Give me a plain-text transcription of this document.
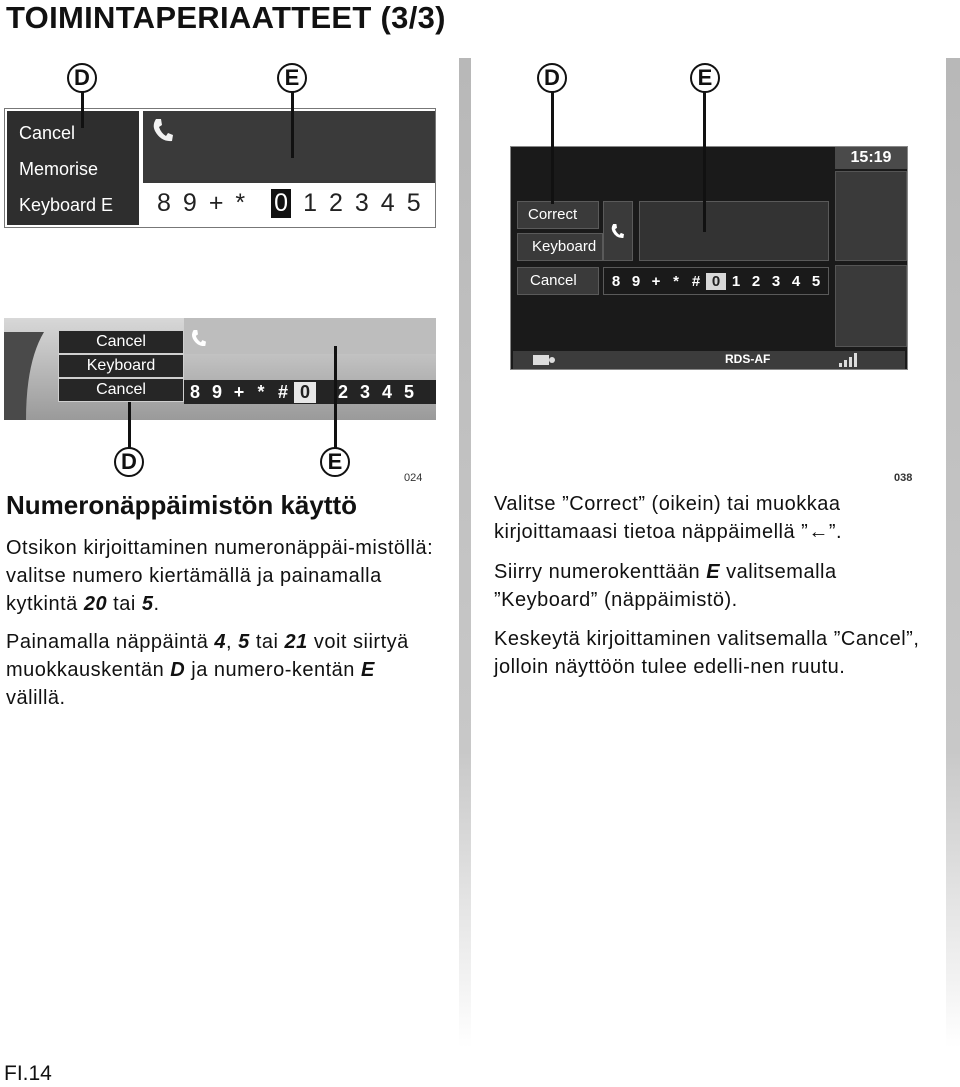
TOIMINTAPERIAATTEET (3/3)
D	E
Cancel
Memorise
Keyboard E 8 9 + * 0 1 2 3 4 5
Cancel
Keyboard
Cancel	8 9 + * # 0	2 3 4 5
D	E
024
D	E
15:19
Correct
Keyboard
Cancel	8 9 + * # 0 1 2 3 4 5
RDS-AF
038
Numeronäppäimistön käyttö
Otsikon kirjoittaminen numeronäppäi-mistöllä: valitse numero kiertämällä ja painamalla kytkintä 20 tai 5.
Painamalla näppäintä 4, 5 tai 21 voit siirtyä muokkauskentän D ja numero-kentän E välillä.
Valitse ”Correct” (oikein) tai muokkaa kirjoittamaasi tietoa näppäimellä ”←”.
Siirry numerokenttään E valitsemalla ”Keyboard” (näppäimistö).
Keskeytä kirjoittaminen valitsemalla ”Cancel”, jolloin näyttöön tulee edelli-nen ruutu.
FI.14
